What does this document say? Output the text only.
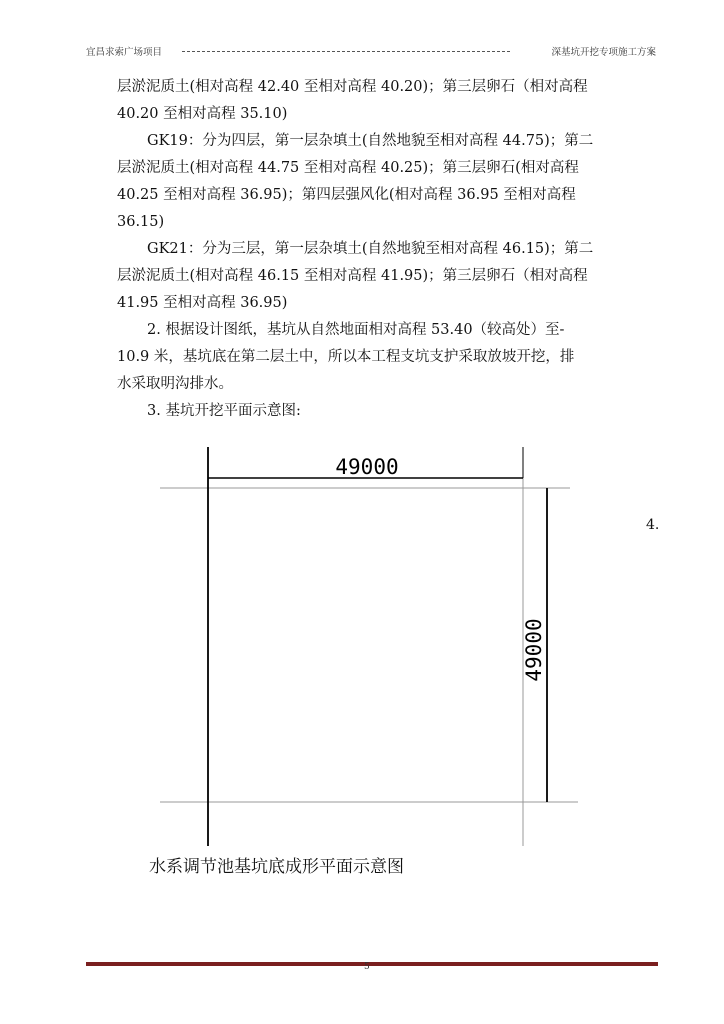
宜昌求索广场项目	深基坑开挖专项施工方案

层淤泥质土(相对高程 42.40 至相对高程 40.20)；第三层卵石（相对高程
40.20 至相对高程 35.10)

GK19：分为四层，第一层杂填土(自然地貌至相对高程 44.75)；第二
层淤泥质土(相对高程 44.75 至相对高程 40.25)；第三层卵石(相对高程
40.25 至相对高程 36.95)；第四层强风化(相对高程 36.95 至相对高程
36.15)

GK21：分为三层，第一层杂填土(自然地貌至相对高程 46.15)；第二
层淤泥质土(相对高程 46.15 至相对高程 41.95)；第三层卵石（相对高程
41.95 至相对高程 36.95)

2. 根据设计图纸，基坑从自然地面相对高程 53.40（较高处）至-
10.9 米，基坑底在第二层土中，所以本工程支坑支护采取放坡开挖，排
水采取明沟排水。

3. 基坑开挖平面示意图:

49000
49000
4.
水系调节池基坑底成形平面示意图
5
